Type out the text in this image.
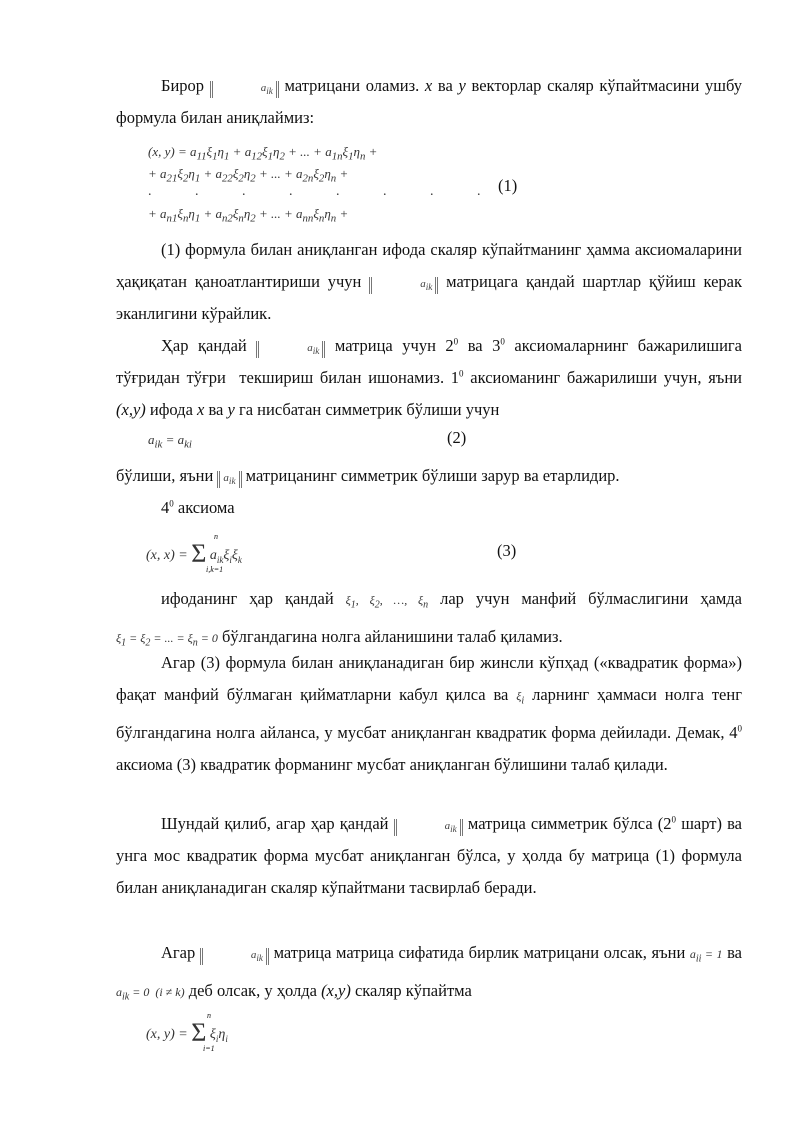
Бирор	$a_{ik}$ матрицани оламиз. x ва y векторлар скаляр кўпайтмасини ушбу формула билан аниқлаймиз:

(x, $y) = a_{11}\xi_1\eta_1 + a_{12}\xi_1\eta_2$ + ... + $a_{1n}\xi_1\eta_n$ +
+ $a_{21}\xi_2\eta_1 + a_{22}\xi_2\eta_2$ + ... + $a_{2n}\xi_2\eta_n$ +
. . . . . . . .
+ $a_{n1}\xi_n\eta_1 + a_{n2}\xi_n\eta_2$ + ... + $a_{nn}\xi_n\eta_n$ +
(1)

(1) формула билан аниқланган ифода скаляр кўпайтманинг ҳамма аксиомаларини ҳақиқатан қаноатлантириши учун	$a_{ik}$ матрицага қандай шартлар қўйиш керак эканлигини кўрайлик.

Ҳар қандай	$a_{ik}$ матрица учун $2^0$ ва $3^0$ аксиомаларнинг бажарилишига тўғридан тўғри  текшириш билан ишонамиз. $1^0$ аксиоманинг бажарилиши учун, яъни (x,y) ифода x ва y га нисбатан симметрик бўлиши учун

$a_{ik} = a_{ki}$	(2)

бўлиши, яъни $a_{ik}$ матрицанинг симметрик бўлиши зарур ва етарлидир.

$4^0$ аксиома

(x, x) = Σ $a_{ik}\xi_i\xi_k$
n
i,k=1
(3)

ифоданинг ҳар қандай $\xi_1$, $\xi_2$, …, $\xi_n$ лар учун манфий бўлмаслигини ҳамда $\xi_1 = \xi_2$ = ... = $\xi_n = 0$ бўлгандагина нолга айланишини талаб қиламиз.

Агар (3) формула билан аниқланадиган бир жинсли кўпҳад («квадратик форма») фақат манфий бўлмаган қийматларни кабул қилса ва $\xi_i$ ларнинг ҳаммаси нолга тенг бўлгандагина нолга айланса, у мусбат аниқланган квадратик форма дейилади. Демак, $4^0$ аксиома (3) квадратик форманинг мусбат аниқланган бўлишини талаб қилади.

Шундай қилиб, агар ҳар қандай	$a_{ik}$ матрица симметрик бўлса ($2^0$ шарт) ва унга мос квадратик форма мусбат аниқланган бўлса, у ҳолда бу матрица (1) формула билан аниқланадиган скаляр кўпайтмани тасвирлаб беради.

Агар	$a_{ik}$ матрица матрица сифатида бирлик матрицани олсак, яъни $a_{ii} = 1$ ва $a_{ik} = 0$  (i ≠ k) деб олсак, у ҳолда (x,y) скаляр кўпайтма

(x, y) = Σ $\xi_i\eta_i$
n
i=1
